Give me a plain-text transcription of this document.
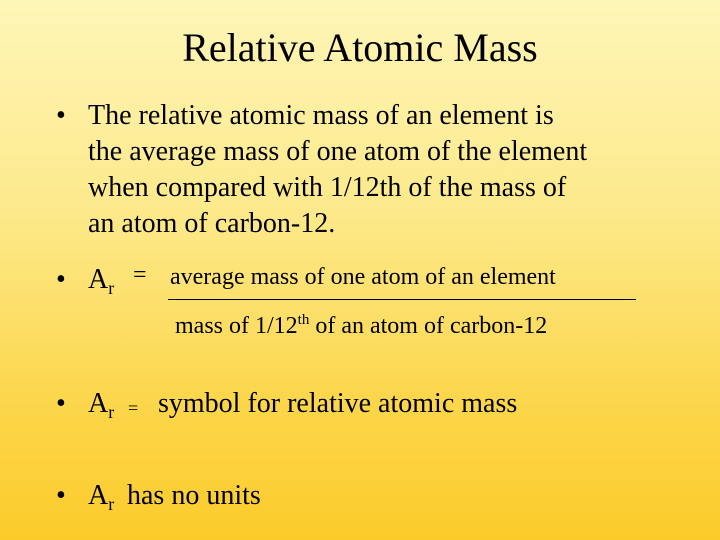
Relative Atomic Mass
• The relative atomic mass of an element is
the average mass of one atom of the element
when compared with 1/12th of the mass of
an atom of carbon-12.
• $A_r$ = average mass of one atom of an element
mass of 1/12th of an atom of carbon-12
• $A_r$ = symbol for relative atomic mass
• $A_r$ has no units
